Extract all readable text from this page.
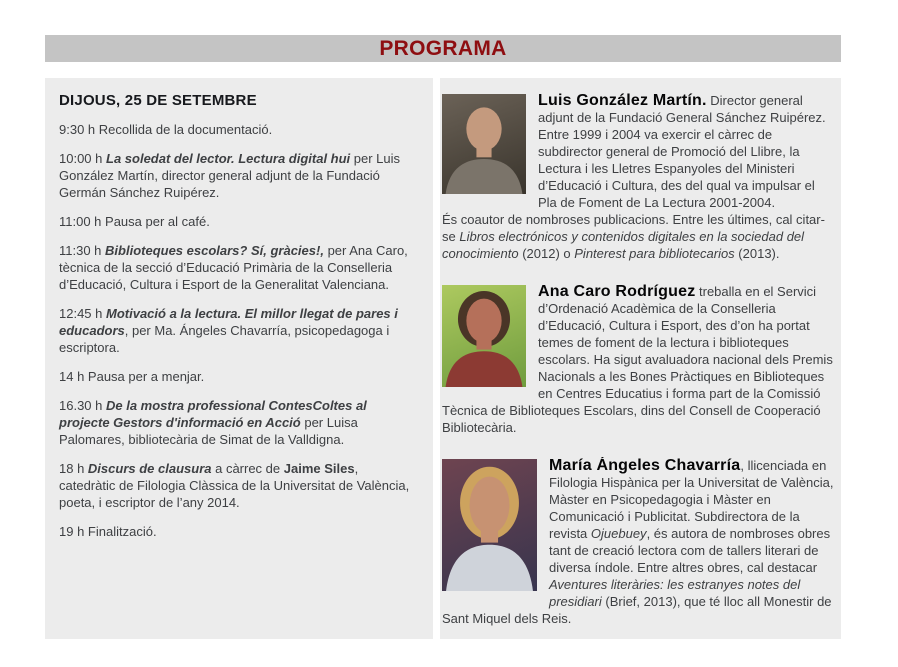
PROGRAMA
DIJOUS, 25 DE SETEMBRE

9:30 h Recollida de la documentació.

10:00 h La soledat del lector. Lectura digital hui per Luis González Martín, director general adjunt de la Fundació Germán Sánchez Ruipérez.

11:00 h Pausa per al café.

11:30 h Biblioteques escolars? Sí, gràcies!, per Ana Caro, tècnica de la secció d’Educació Primària de la Conselleria d’Educació, Cultura i Esport de la Generalitat Valenciana.

12:45 h Motivació a la lectura. El millor llegat de pares i educadors, per Ma. Ángeles Chavarría, psicopedagoga i escriptora.

14 h Pausa per a menjar.

16.30 h De la mostra professional ContesColtes al projecte Gestors d'informació en Acció per Luisa Palomares, bibliotecària de Simat de la Valldigna.

18 h Discurs de clausura a càrrec de Jaime Siles, catedràtic de Filologia Clàssica de la Universitat de València, poeta, i escriptor de l’any 2014.

19 h Finalització.

Luis González Martín. Director general adjunt de la Fundació General Sánchez Ruipérez. Entre 1999 i 2004 va exercir el càrrec de subdirector general de Promoció del Llibre, la Lectura i les Lletres Espanyoles del Ministeri d’Educació i Cultura, des del qual va impulsar el Pla de Foment de La Lectura 2001-2004.
És coautor de nombroses publicacions. Entre les últimes, cal citar-se Libros electrónicos y contenidos digitales en la sociedad del conocimiento (2012) o Pinterest para bibliotecarios (2013).
Ana Caro Rodríguez treballa en el Servici d’Ordenació Acadèmica de la Conselleria d’Educació, Cultura i Esport, des d’on ha portat temes de foment de la lectura i biblioteques escolars. Ha sigut avaluadora nacional dels Premis Nacionals a les Bones Pràctiques en Biblioteques en Centres Educatius i forma part de la Comissió Tècnica de Biblioteques Escolars, dins del Consell de Cooperació Bibliotecària.
María Ángeles Chavarría, llicenciada en Filologia Hispànica per la Universitat de València, Màster en Psicopedagogia i Màster en Comunicació i Publicitat. Subdirectora de la revista Ojuebuey, és autora de nombroses obres tant de creació lectora com de tallers literari de diversa índole. Entre altres obres, cal destacar Aventures literàries: les estranyes notes del presidiari (Brief, 2013), que té lloc all Monestir de Sant Miquel dels Reis.
